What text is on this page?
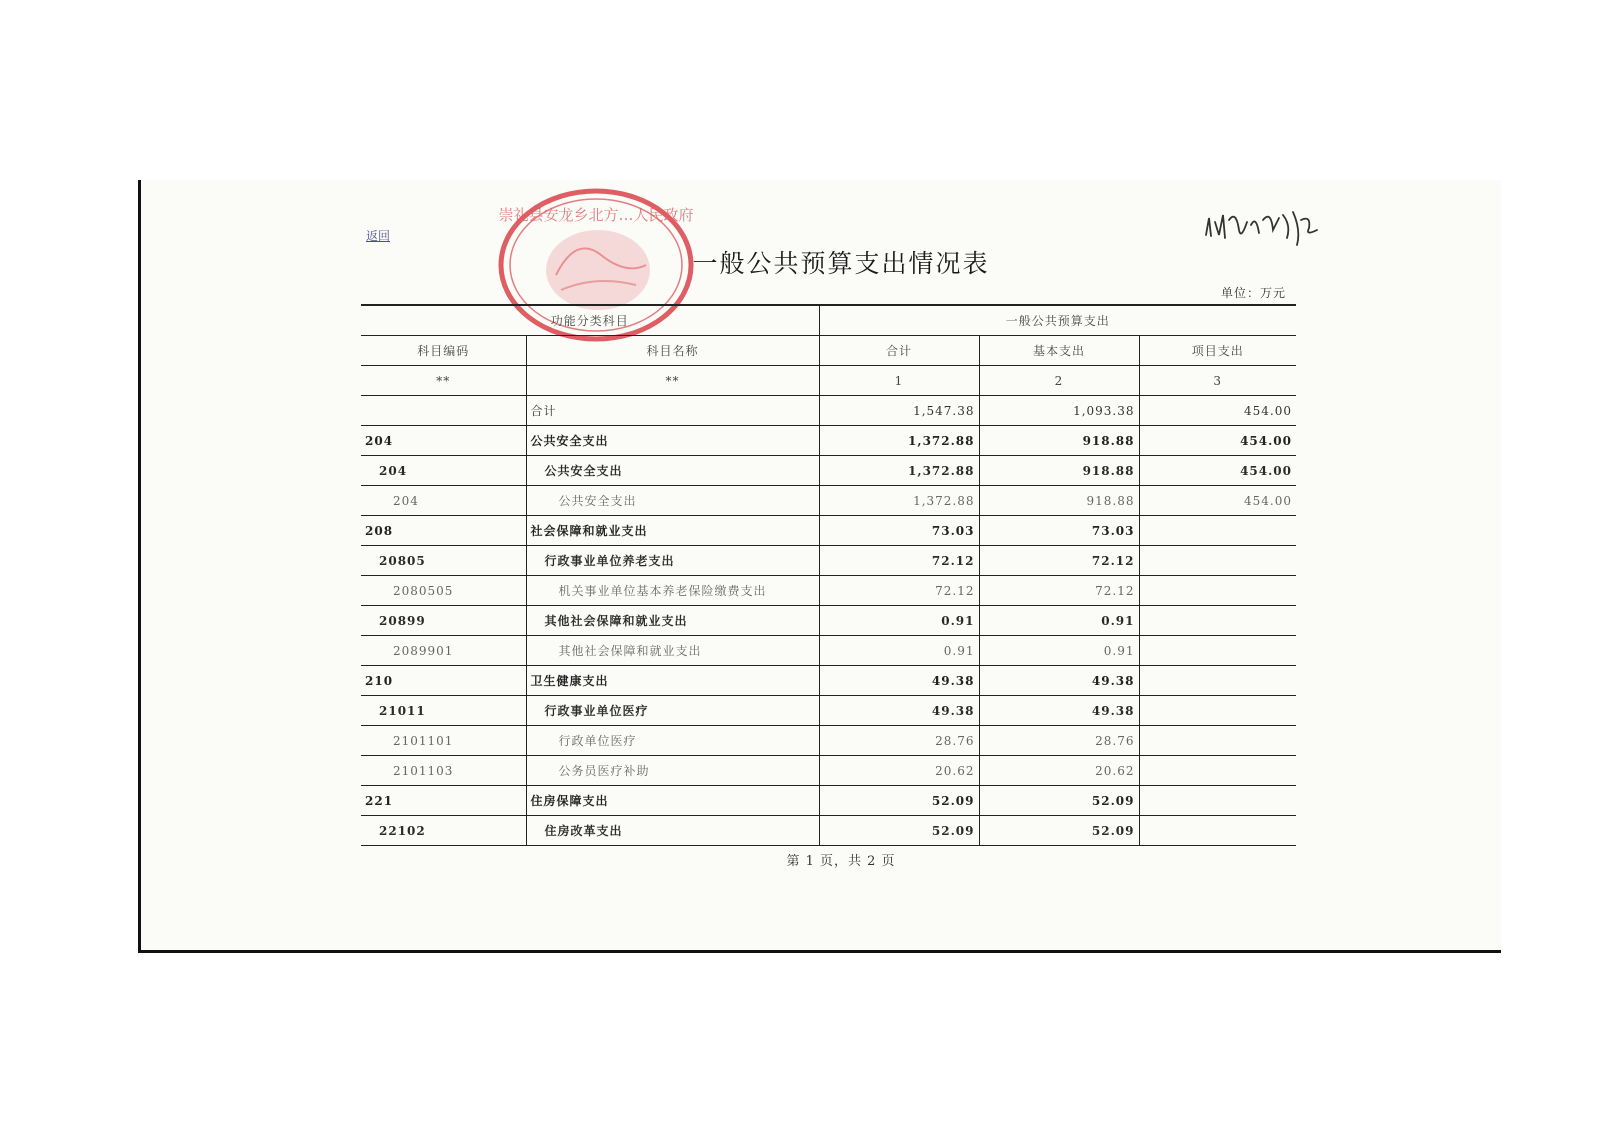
崇礼县安龙乡北方…人民政府
返回
一般公共预算支出情况表
单位：万元
功能分类科目		一般公共预算支出		
科目编码	科目名称	合计	基本支出	项目支出
**	**	1	2	3
	合计	1,547.38	1,093.38	454.00
204	公共安全支出	1,372.88	918.88	454.00
204	公共安全支出	1,372.88	918.88	454.00
204	公共安全支出	1,372.88	918.88	454.00
208	社会保障和就业支出	73.03	73.03	
20805	行政事业单位养老支出	72.12	72.12	
2080505	机关事业单位基本养老保险缴费支出	72.12	72.12	
20899	其他社会保障和就业支出	0.91	0.91	
2089901	其他社会保障和就业支出	0.91	0.91	
210	卫生健康支出	49.38	49.38	
21011	行政事业单位医疗	49.38	49.38	
2101101	行政单位医疗	28.76	28.76	
2101103	公务员医疗补助	20.62	20.62	
221	住房保障支出	52.09	52.09	
22102	住房改革支出	52.09	52.09	
第 1 页，共 2 页
